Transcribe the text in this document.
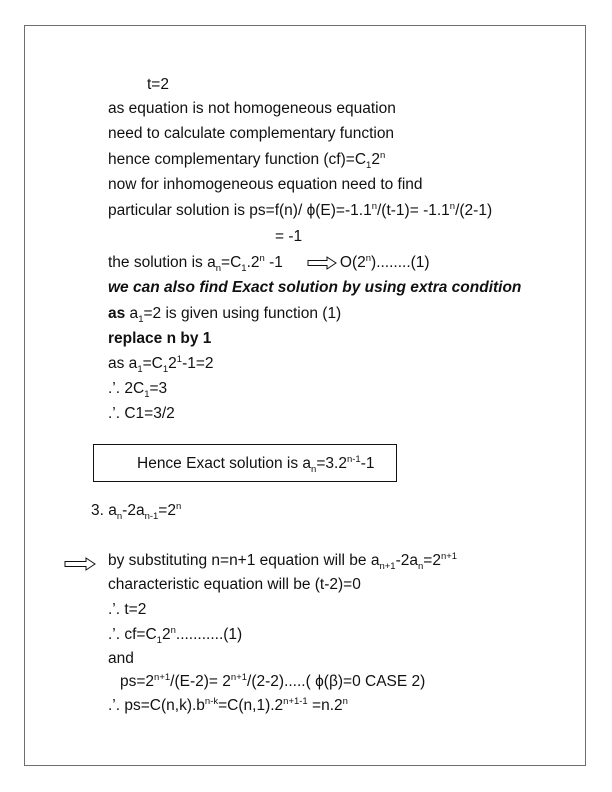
t=2
as equation is not homogeneous equation
need to calculate complementary function
hence complementary function $(cf)=C_12^n$
now for inhomogeneous equation need to find
particular solution is ps=f(n)/ $\phi(E)=-1.1^n/(t-1)= -1.1^n/(2-1)$
= -1
the solution is $a_n=C_1.2^n$ -1	O(2$^n$)........(1)
we can also find Exact solution by using extra condition
as $a_1=2$ is given using function (1)
replace n by 1
as $a_1=C_12^1-1=2$
.’. $2C_1=3$
.’. C1=3/2
Hence Exact solution is $a_n=3.2^{n-1}-1$
3. $a_n-2a_{n-1}=2^n$
by substituting n=n+1 equation will be $a_{n+1}-2a_n=2^{n+1}$
characteristic equation will be (t-2)=0
.’. t=2
.’. $cf=C_12^n...........(1)$
and
$ps=2^{n+1}/(E-2)= 2^{n+1}/(2-2)$.....( ϕ(β)=0 CASE 2)
.’. $ps=C(n,k).b^{n-k}=C(n,1).2^{n+1-1} =n.2^n$
